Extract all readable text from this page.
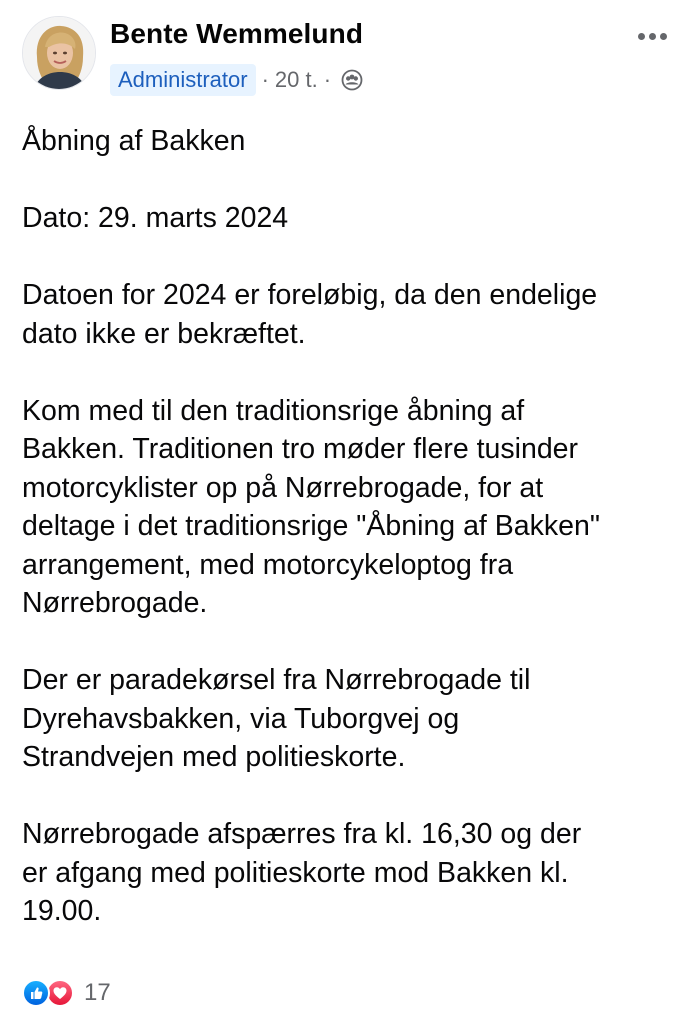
Bente Wemmelund
Administrator · 20 t. ·

Åbning af Bakken

Dato: 29. marts 2024

Datoen for 2024 er foreløbig, da den endelige
dato ikke er bekræftet.

Kom med til den traditionsrige åbning af
Bakken. Traditionen tro møder flere tusinder
motorcyklister op på Nørrebrogade, for at
deltage i det traditionsrige "Åbning af Bakken"
arrangement, med motorcykeloptog fra
Nørrebrogade.

Der er paradekørsel fra Nørrebrogade til
Dyrehavsbakken, via Tuborgvej og
Strandvejen med politieskorte.

Nørrebrogade afspærres fra kl. 16,30 og der
er afgang med politieskorte mod Bakken kl.
19.00.

17
